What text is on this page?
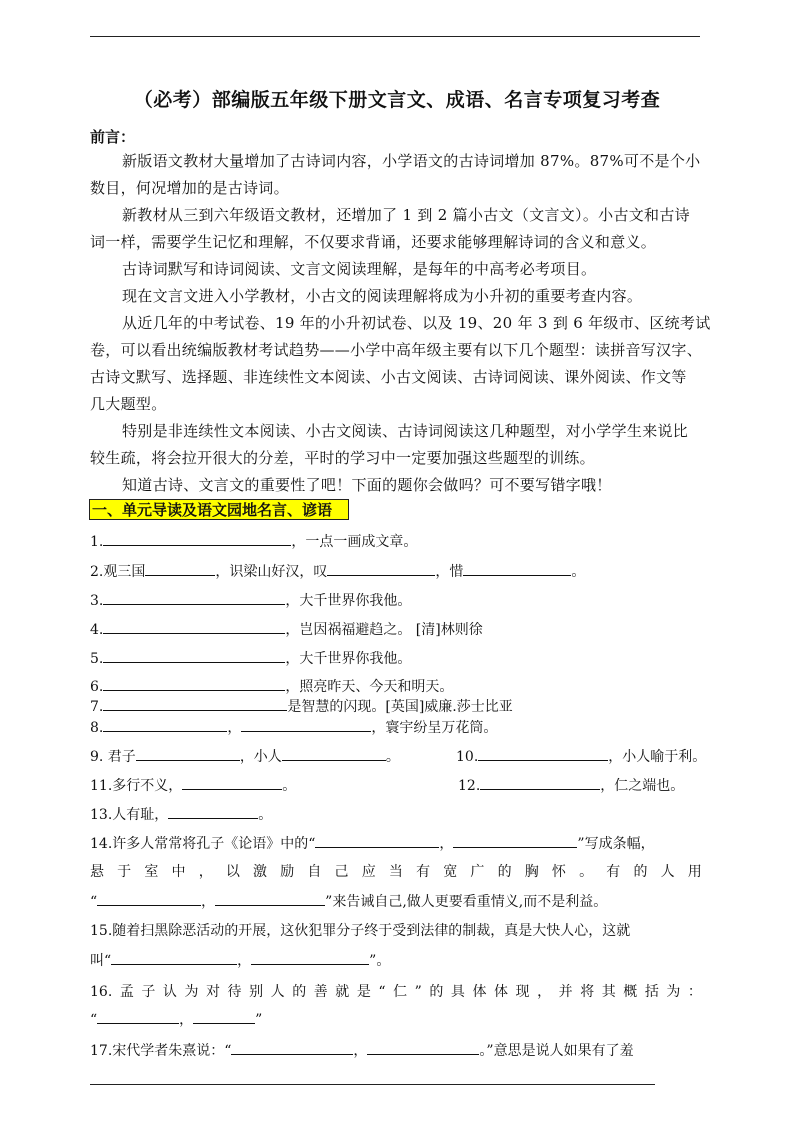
（必考）部编版五年级下册文言文、成语、名言专项复习考查
前言：
新版语文教材大量增加了古诗词内容，小学语文的古诗词增加 87%。87%可不是个小
数目，何况增加的是古诗词。
新教材从三到六年级语文教材，还增加了 1 到 2 篇小古文（文言文）。小古文和古诗
词一样，需要学生记忆和理解，不仅要求背诵，还要求能够理解诗词的含义和意义。
古诗词默写和诗词阅读、文言文阅读理解，是每年的中高考必考项目。
现在文言文进入小学教材，小古文的阅读理解将成为小升初的重要考查内容。
从近几年的中考试卷、19 年的小升初试卷、以及 19、20 年 3 到 6 年级市、区统考试
卷，可以看出统编版教材考试趋势——小学中高年级主要有以下几个题型：读拼音写汉字、
古诗文默写、选择题、非连续性文本阅读、小古文阅读、古诗词阅读、课外阅读、作文等
几大题型。
特别是非连续性文本阅读、小古文阅读、古诗词阅读这几种题型，对小学学生来说比
较生疏，将会拉开很大的分差，平时的学习中一定要加强这些题型的训练。
知道古诗、文言文的重要性了吧！下面的题你会做吗？可不要写错字哦！
一、单元导读及语文园地名言、谚语
1.	，一点一画成文章。
2.观三国	，识梁山好汉，叹	，惜	。
3.	，大千世界你我他。
4.	，岂因祸福避趋之。 [清]林则徐
5.	，大千世界你我他。
6.	，照亮昨天、今天和明天。
7.	是智慧的闪现。[英国]威廉.莎士比亚
8.	，	，寰宇纷呈万花筒。
9. 君子	，小人	。	10.	，小人喻于利。
11.多行不义，	。	12.	，仁之端也。
13.人有耻，	。
14.许多人常常将孔子《论语》中的“	，	”写成条幅，
悬 于 室 中 ， 以 激 励 自 己 应 当 有 宽 广 的 胸 怀 。 有 的 人 用
“	，	”来告诫自己,做人更要看重情义,而不是利益。
15.随着扫黑除恶活动的开展，这伙犯罪分子终于受到法律的制裁，真是大快人心，这就
叫“	，	”。
16. 孟 子 认 为 对 待 别 人 的 善 就 是 “ 仁 ” 的 具 体 体 现 ， 并 将 其 概 括 为 ：
“	，	”
17.宋代学者朱熹说：“	，	。”意思是说人如果有了羞
